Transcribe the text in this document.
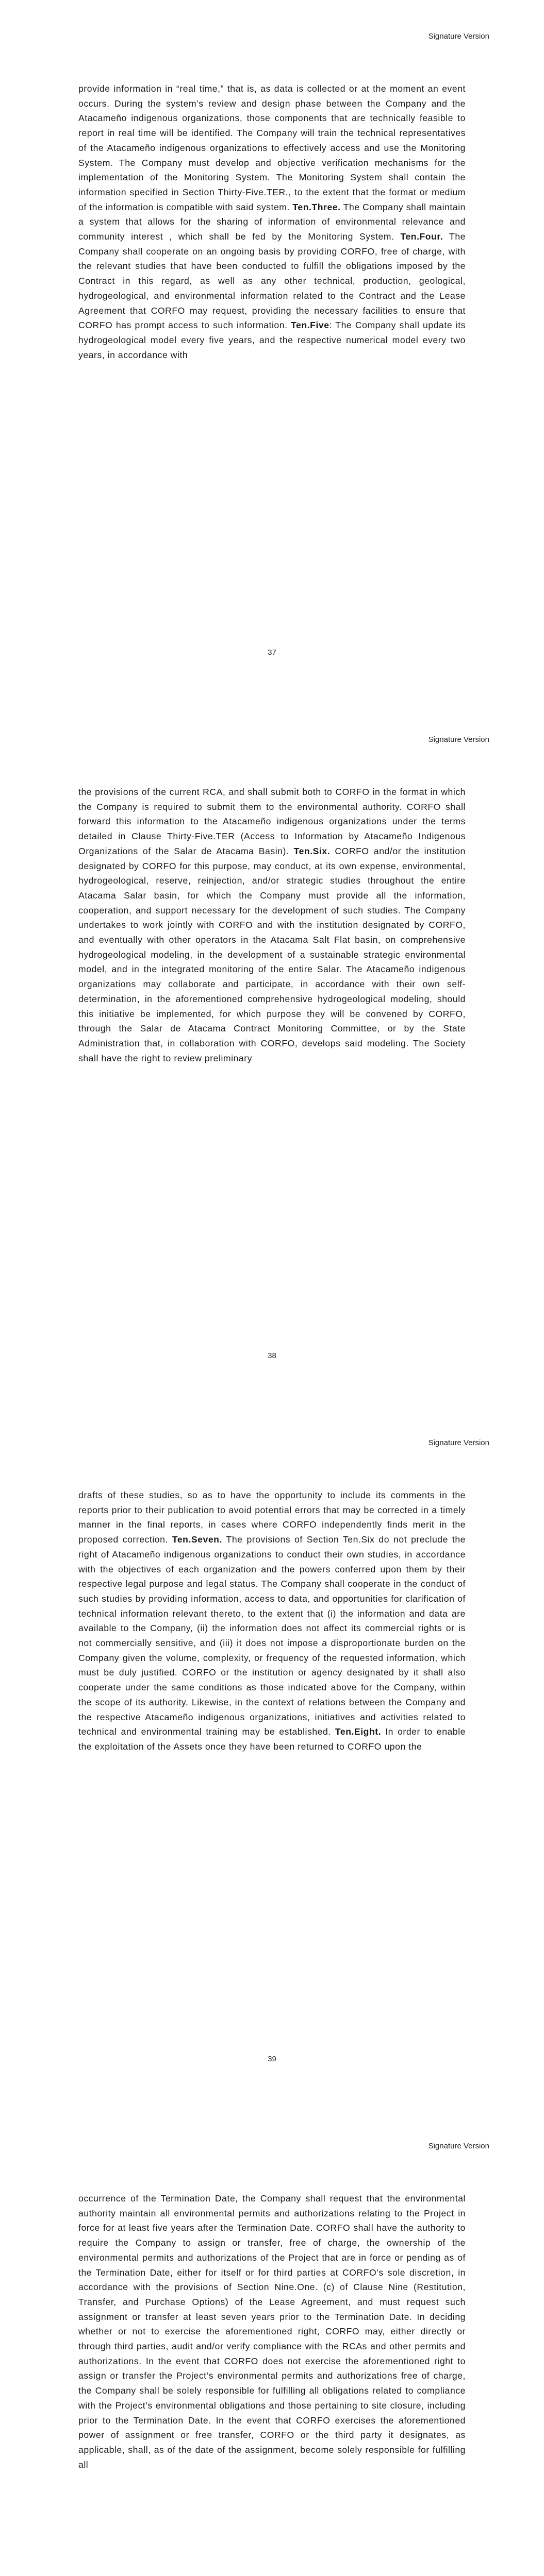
Signature Version
provide information in “real time,” that is, as data is collected or at the moment an event occurs. During the system’s review and design phase between the Company and the Atacameño indigenous organizations, those components that are technically feasible to report in real time will be identified. The Company will train the technical representatives of the Atacameño indigenous organizations to effectively access and use the Monitoring System. The Company must develop and objective verification mechanisms for the implementation of the Monitoring System. The Monitoring System shall contain the information specified in Section Thirty-Five.TER., to the extent that the format or medium of the information is compatible with said system. Ten.Three. The Company shall maintain a system that allows for the sharing of information of environmental relevance and community interest , which shall be fed by the Monitoring System. Ten.Four. The Company shall cooperate on an ongoing basis by providing CORFO, free of charge, with the relevant studies that have been conducted to fulfill the obligations imposed by the Contract in this regard, as well as any other technical, production, geological, hydrogeological, and environmental information related to the Contract and the Lease Agreement that CORFO may request, providing the necessary facilities to ensure that CORFO has prompt access to such information. Ten.Five: The Company shall update its hydrogeological model every five years, and the respective numerical model every two years, in accordance with
37
Signature Version
the provisions of the current RCA, and shall submit both to CORFO in the format in which the Company is required to submit them to the environmental authority. CORFO shall forward this information to the Atacameño indigenous organizations under the terms detailed in Clause Thirty-Five.TER (Access to Information by Atacameño Indigenous Organizations of the Salar de Atacama Basin). Ten.Six. CORFO and/or the institution designated by CORFO for this purpose, may conduct, at its own expense, environmental, hydrogeological, reserve, reinjection, and/or strategic studies throughout the entire Atacama Salar basin, for which the Company must provide all the information, cooperation, and support necessary for the development of such studies. The Company undertakes to work jointly with CORFO and with the institution designated by CORFO, and eventually with other operators in the Atacama Salt Flat basin, on comprehensive hydrogeological modeling, in the development of a sustainable strategic environmental model, and in the integrated monitoring of the entire Salar. The Atacameño indigenous organizations may collaborate and participate, in accordance with their own self-determination, in the aforementioned comprehensive hydrogeological modeling, should this initiative be implemented, for which purpose they will be convened by CORFO, through the Salar de Atacama Contract Monitoring Committee, or by the State Administration that, in collaboration with CORFO, develops said modeling. The Society shall have the right to review preliminary
38
Signature Version
drafts of these studies, so as to have the opportunity to include its comments in the reports prior to their publication to avoid potential errors that may be corrected in a timely manner in the final reports, in cases where CORFO independently finds merit in the proposed correction. Ten.Seven. The provisions of Section Ten.Six do not preclude the right of Atacameño indigenous organizations to conduct their own studies, in accordance with the objectives of each organization and the powers conferred upon them by their respective legal purpose and legal status. The Company shall cooperate in the conduct of such studies by providing information, access to data, and opportunities for clarification of technical information relevant thereto, to the extent that (i) the information and data are available to the Company, (ii) the information does not affect its commercial rights or is not commercially sensitive, and (iii) it does not impose a disproportionate burden on the Company given the volume, complexity, or frequency of the requested information, which must be duly justified. CORFO or the institution or agency designated by it shall also cooperate under the same conditions as those indicated above for the Company, within the scope of its authority. Likewise, in the context of relations between the Company and the respective Atacameño indigenous organizations, initiatives and activities related to technical and environmental training may be established. Ten.Eight. In order to enable the exploitation of the Assets once they have been returned to CORFO upon the
39
Signature Version
occurrence of the Termination Date, the Company shall request that the environmental authority maintain all environmental permits and authorizations relating to the Project in force for at least five years after the Termination Date. CORFO shall have the authority to require the Company to assign or transfer, free of charge, the ownership of the environmental permits and authorizations of the Project that are in force or pending as of the Termination Date, either for itself or for third parties at CORFO’s sole discretion, in accordance with the provisions of Section Nine.One. (c) of Clause Nine (Restitution, Transfer, and Purchase Options) of the Lease Agreement, and must request such assignment or transfer at least seven years prior to the Termination Date. In deciding whether or not to exercise the aforementioned right, CORFO may, either directly or through third parties, audit and/or verify compliance with the RCAs and other permits and authorizations. In the event that CORFO does not exercise the aforementioned right to assign or transfer the Project’s environmental permits and authorizations free of charge, the Company shall be solely responsible for fulfilling all obligations related to compliance with the Project’s environmental obligations and those pertaining to site closure, including prior to the Termination Date. In the event that CORFO exercises the aforementioned power of assignment or free transfer, CORFO or the third party it designates, as applicable, shall, as of the date of the assignment, become solely responsible for fulfilling all
